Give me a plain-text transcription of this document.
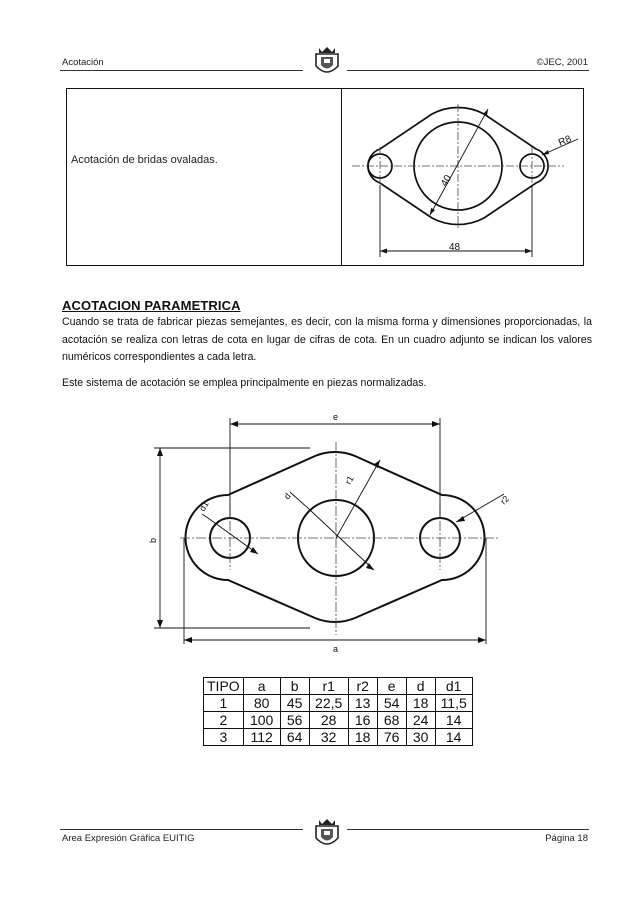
Acotación	©JEC, 2001
Acotación de bridas ovaladas.
40
R8
48
ACOTACION PARAMETRICA
Cuando se trata de fabricar piezas semejantes, es decir, con la misma forma y dimensiones proporcionadas, la acotación se realiza con letras de cota en lugar de cifras de cota. En un cuadro adjunto se indican los valores numéricos correspondientes a cada letra.
Este sistema de acotación se emplea principalmente en piezas normalizadas.
e
a
b
d
d1
r1
r2
TIPO	a	b	r1	r2	e	d	d1
1	80	45	22,5	13	54	18	11,5
2	100	56	28	16	68	24	14
3	112	64	32	18	76	30	14
Area Expresión Gráfica EUITIG	Página 18
